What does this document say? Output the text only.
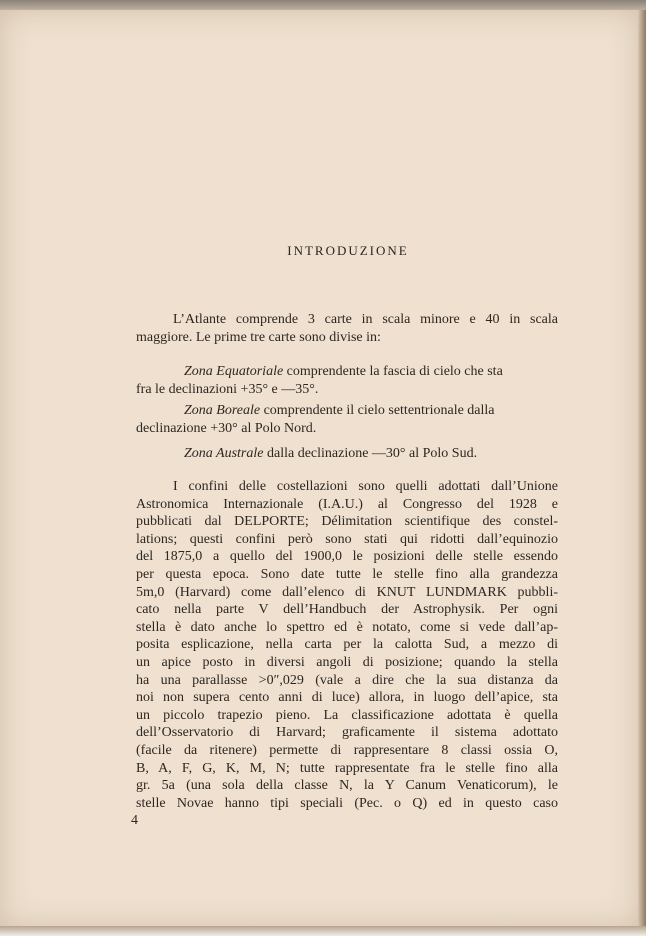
INTRODUZIONE
L’Atlante comprende 3 carte in scala minore e 40 in scala
maggiore. Le prime tre carte sono divise in:
Zona Equatoriale comprendente la fascia di cielo che sta
fra le declinazioni +35° e —35°.
Zona Boreale comprendente il cielo settentrionale dalla
declinazione +30° al Polo Nord.
Zona Australe dalla declinazione —30° al Polo Sud.
I confini delle costellazioni sono quelli adottati dall’Unione
Astronomica Internazionale (I.A.U.) al Congresso del 1928 e
pubblicati dal DELPORTE; Délimitation scientifique des constel-
lations; questi confini però sono stati qui ridotti dall’equinozio
del 1875,0 a quello del 1900,0 le posizioni delle stelle essendo
per questa epoca. Sono date tutte le stelle fino alla grandezza
5m,0 (Harvard) come dall’elenco di KNUT LUNDMARK pubbli-
cato nella parte V dell’Handbuch der Astrophysik. Per ogni
stella è dato anche lo spettro ed è notato, come si vede dall’ap-
posita esplicazione, nella carta per la calotta Sud, a mezzo di
un apice posto in diversi angoli di posizione; quando la stella
ha una parallasse >0″,029 (vale a dire che la sua distanza da
noi non supera cento anni di luce) allora, in luogo dell’apice, sta
un piccolo trapezio pieno. La classificazione adottata è quella
dell’Osservatorio di Harvard; graficamente il sistema adottato
(facile da ritenere) permette di rappresentare 8 classi ossia O,
B, A, F, G, K, M, N; tutte rappresentate fra le stelle fino alla
gr. 5a (una sola della classe N, la Y Canum Venaticorum), le
stelle Novae hanno tipi speciali (Pec. o Q) ed in questo caso
4
